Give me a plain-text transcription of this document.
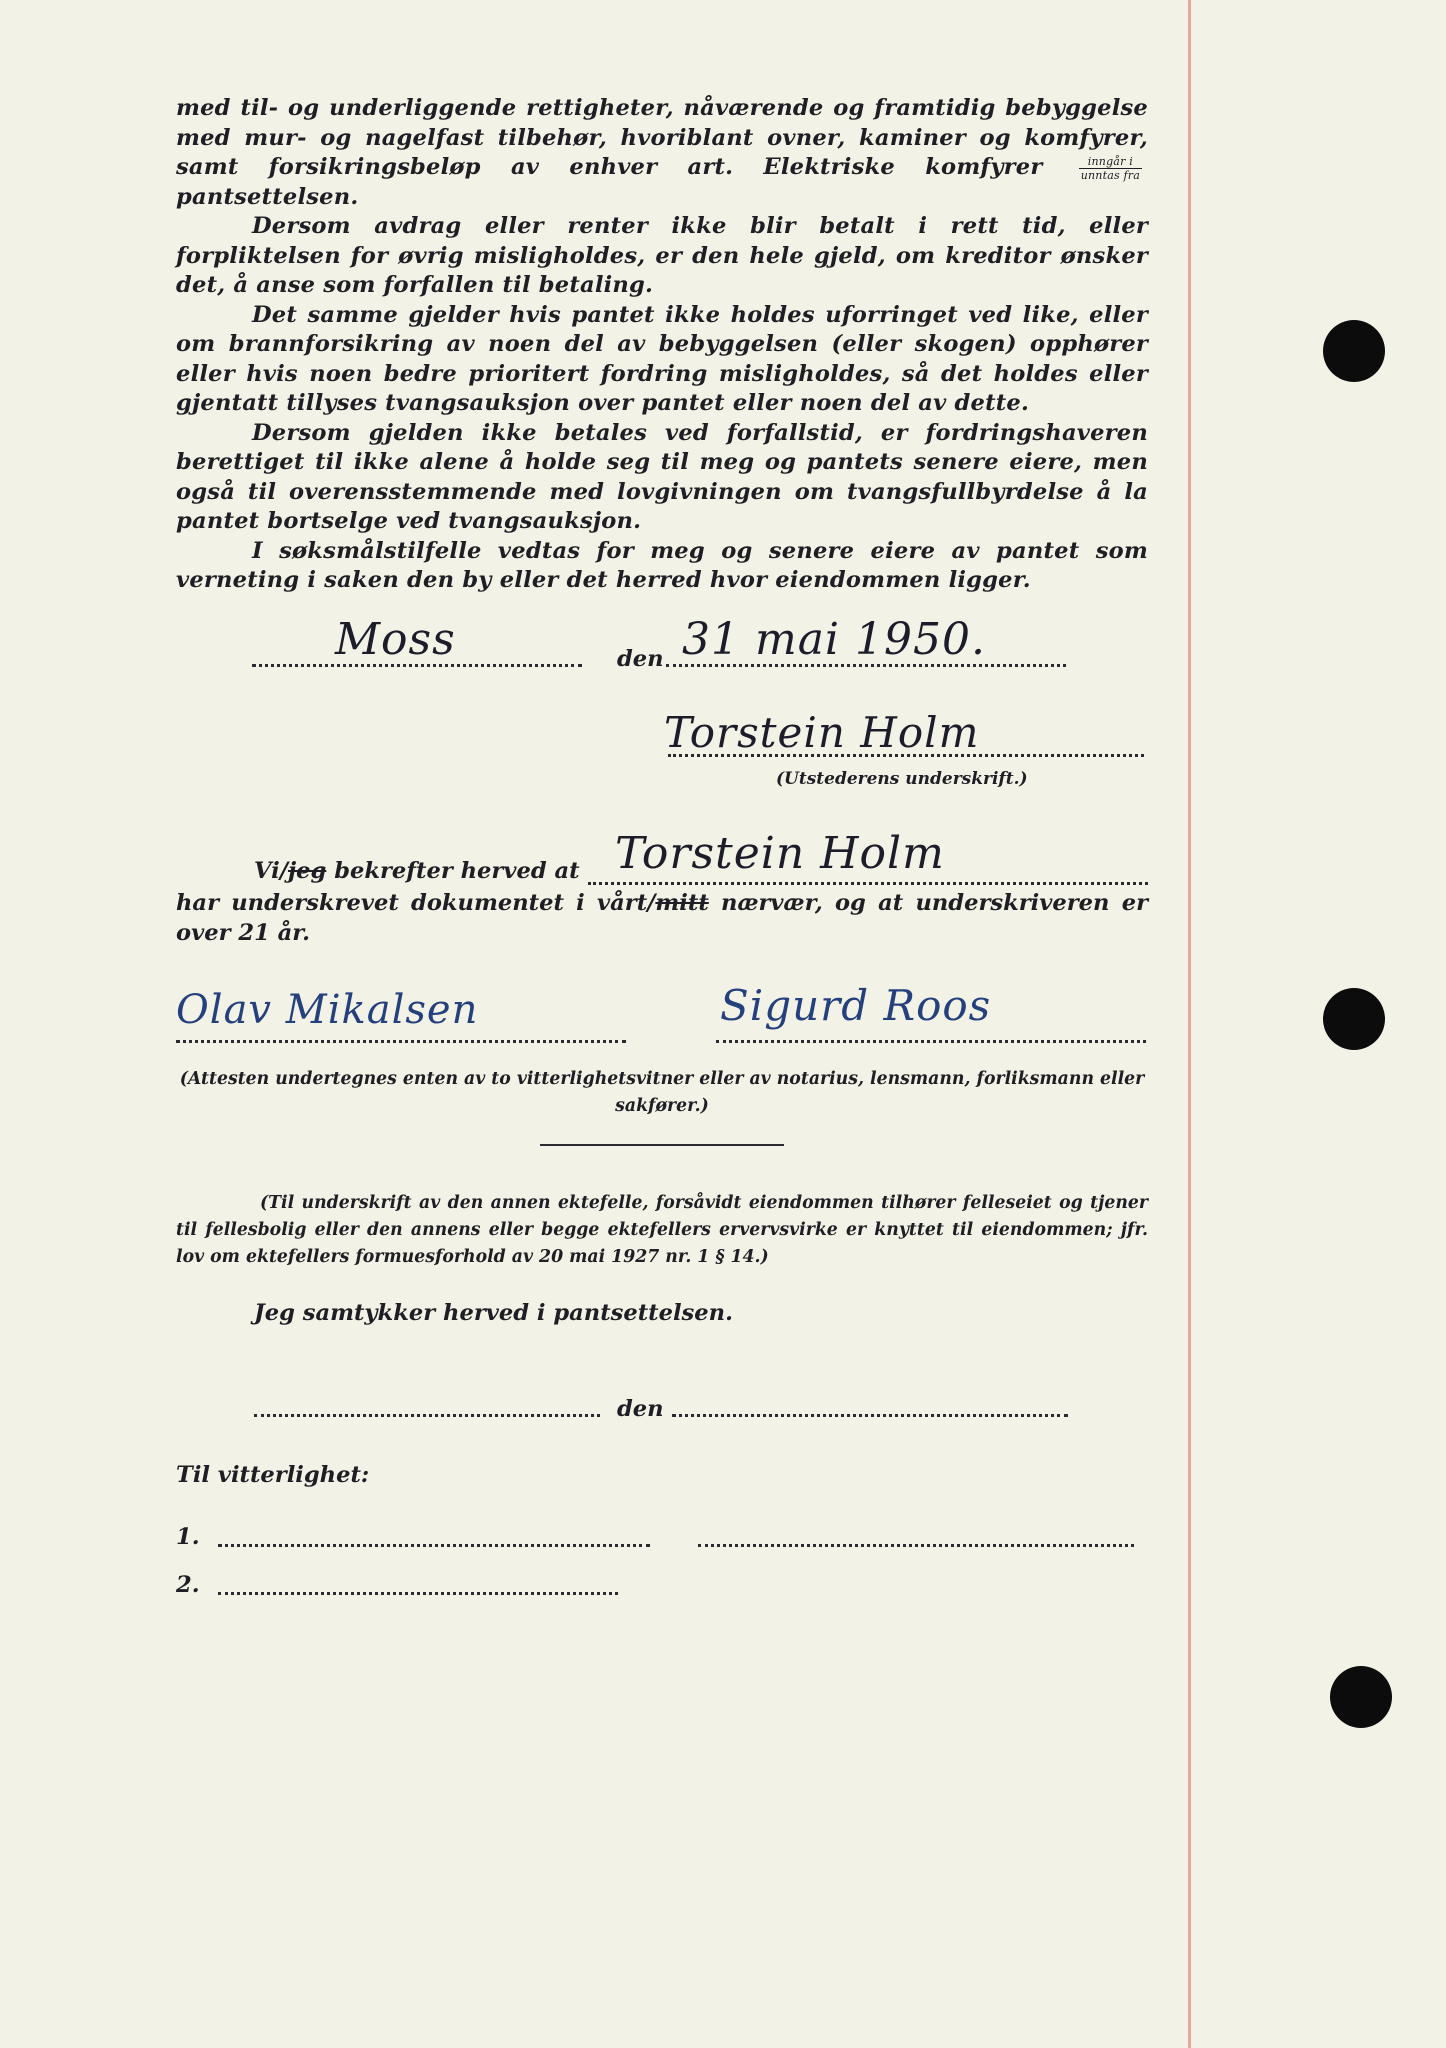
med til- og underliggende rettigheter, nåværende og framtidig bebyggelse med mur- og nagelfast tilbehør, hvoriblant ovner, kaminer og komfyrer, samt forsikringsbeløp av enhver art. Elektriske komfyrer	$\frac{\text{inngår i}}{\text{unntas fra}}$
pantsettelsen.

Dersom avdrag eller renter ikke blir betalt i rett tid, eller forpliktelsen for øvrig misligholdes, er den hele gjeld, om kreditor ønsker det, å anse som forfallen til betaling.

Det samme gjelder hvis pantet ikke holdes uforringet ved like, eller om brannforsikring av noen del av bebyggelsen (eller skogen) opphører eller hvis noen bedre prioritert fordring misligholdes, så det holdes eller gjentatt tillyses tvangsauksjon over pantet eller noen del av dette.

Dersom gjelden ikke betales ved forfallstid, er fordringshaveren berettiget til ikke alene å holde seg til meg og pantets senere eiere, men også til overensstemmende med lovgivningen om tvangsfullbyrdelse å la pantet bortselge ved tvangsauksjon.

I søksmålstilfelle vedtas for meg og senere eiere av pantet som verneting i saken den by eller det herred hvor eiendommen ligger.

Moss	den 31 mai 1950.
Torstein Holm
(Utstederens underskrift.)
Vi/jeg bekrefter herved at Torstein Holm
har underskrevet dokumentet i vårt/mitt nærvær, og at underskriveren er
over 21 år.
Olav Mikalsen	Sigurd Roos
(Attesten undertegnes enten av to vitterlighetsvitner eller av notarius, lensmann, forliksmann eller sakfører.)
(Til underskrift av den annen ektefelle, forsåvidt eiendommen tilhører felleseiet og tjener til fellesbolig eller den annens eller begge ektefellers ervervsvirke er knyttet til eiendommen; jfr. lov om ektefellers formuesforhold av 20 mai 1927 nr. 1 § 14.)
Jeg samtykker herved i pantsettelsen.
den
Til vitterlighet:
1.
2.
